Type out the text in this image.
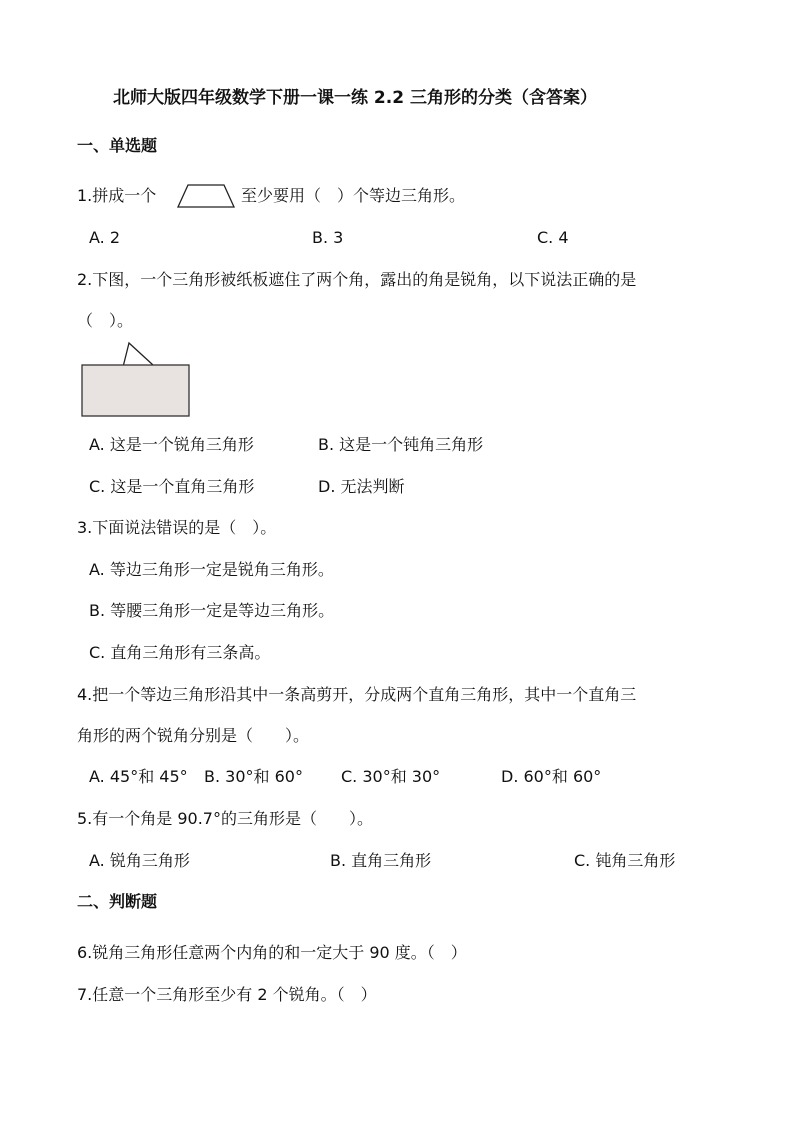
北师大版四年级数学下册一课一练 2.2 三角形的分类（含答案）
一、单选题
1.拼成一个	至少要用（　）个等边三角形。
A. 2	B. 3	C. 4
2.下图，一个三角形被纸板遮住了两个角，露出的角是锐角，以下说法正确的是
（　）。
A. 这是一个锐角三角形	B. 这是一个钝角三角形
C. 这是一个直角三角形	D. 无法判断
3.下面说法错误的是（　）。
A. 等边三角形一定是锐角三角形。
B. 等腰三角形一定是等边三角形。
C. 直角三角形有三条高。
4.把一个等边三角形沿其中一条高剪开，分成两个直角三角形，其中一个直角三
角形的两个锐角分别是（　　）。
A. 45°和 45° B. 30°和 60° C. 30°和 30°	D. 60°和 60°
5.有一个角是 90.7°的三角形是（　　）。
A. 锐角三角形	B. 直角三角形	C. 钝角三角形
二、判断题
6.锐角三角形任意两个内角的和一定大于 90 度。（　）
7.任意一个三角形至少有 2 个锐角。（　）
